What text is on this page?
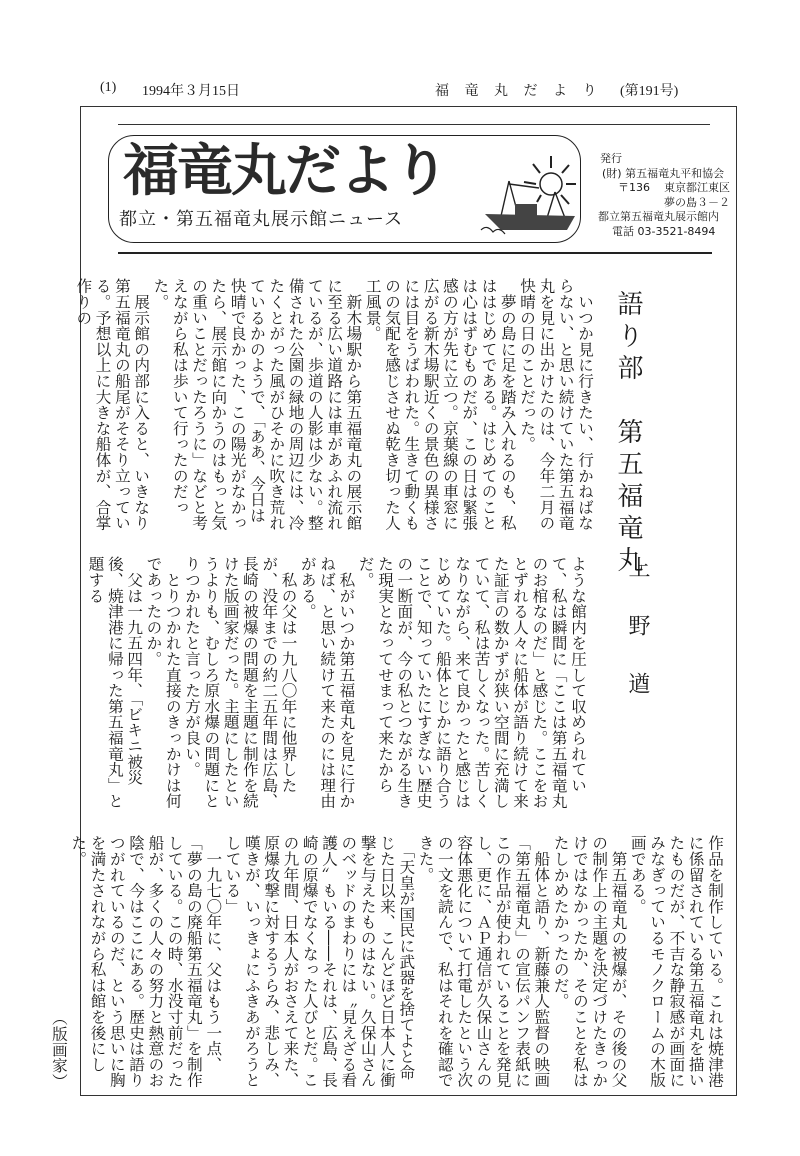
(1) 1994年３月15日	福 竜 丸 だ よ り (第191号)
福竜丸だより
都立・第五福竜丸展示館ニュース
発行
(財) 第五福竜丸平和協会
〒136 東京都江東区
夢の島３－２
都立第五福竜丸展示館内
電話 03-3521-8494
語り部　第五福竜丸
上野遒

　いつか見に行きたい、行かねばならない、と思い続けていた第五福竜丸を見に出かけたのは、今年二月の快晴の日のことだった。

　夢の島に足を踏み入れるのも、私ははじめてである。はじめてのことは心はずむものだが、この日は緊張感の方が先に立つ。京葉線の車窓に広がる新木場駅近くの景色の異様さには目をうばわれた。生きて動くものの気配を感じさせぬ乾き切った人工風景。

　新木場駅から第五福竜丸の展示館に至る広い道路には車があふれ流れているが、歩道の人影は少ない。整備された公園の緑地の周辺には、冷たくとがった風がひそかに吹き荒れているかのようで、「ああ、今日は快晴で良かった、この陽光がなかったら、展示館に向かうのはもっと気の重いことだったろうに」などと考えながら私は歩いて行ったのだった。

　展示館の内部に入ると、いきなり第五福竜丸の船尾がそそり立っている。予想以上に大きな船体が、合掌作りの

ような館内を圧して収められていて、私は瞬間に「ここは第五福竜丸のお棺なのだ」と感じた。ここをおとずれる人々に船体が語り続けて来た証言の数かずが狭い空間に充満していて、私は苦しくなった。苦しくなりながら、来て良かったと感じはじめていた。船体とじかに語り合うことで、知っていたにすぎない歴史の一断面が、今の私とつながる生きた現実となってせまって来たからだ。

　私がいつか第五福竜丸を見に行かねば、と思い続けて来たのには理由がある。

　私の父は一九八〇年に他界したが、没年までの約二五年間は広島、長崎の被爆の問題を主題に制作を続けた版画家だった。主題にしたというよりも、むしろ原水爆の問題にとりつかれたと言った方が良い。

　とりつかれた直接のきっかけは何であったのか。

　父は一九五四年、「ビキニ被災後、焼津港に帰った第五福竜丸」と題する

作品を制作している。これは焼津港に係留されている第五福竜丸を描いたものだが、不吉な静寂感が画面にみなぎっているモノクロームの木版画である。

　第五福竜丸の被爆が、その後の父の制作上の主題を決定づけたきっかけではなかったか、そのことを私はたしかめたかったのだ。

　船体と語り、新藤兼人監督の映画「第五福竜丸」の宣伝パンフ表紙にこの作品が使われていることを発見し、更に、ＡＰ通信が久保山さんの容体悪化について打電したという次の一文を読んで、私はそれを確認できた。

　「天皇が国民に武器を捨てよと命じた日以来、こんどほど日本人に衝撃を与えたものはない。久保山さんのベッドのまわりには〝見えざる看護人〟もいる――それは、広島、長崎の原爆でなくなった人びとだ。この九年間、日本人がおさえて来た、原爆攻撃に対するうらみ、悲しみ、嘆きが、いっきょにふきあがろうとしている」

　一九七〇年に、父はもう一点、「夢の島の廃船第五福竜丸」を制作している。この時、水没寸前だった船が、多くの人々の努力と熱意のお陰で、今はここにある。歴史は語りつがれているのだ、という思いに胸を満たされながら私は館を後にした。

（版画家）
